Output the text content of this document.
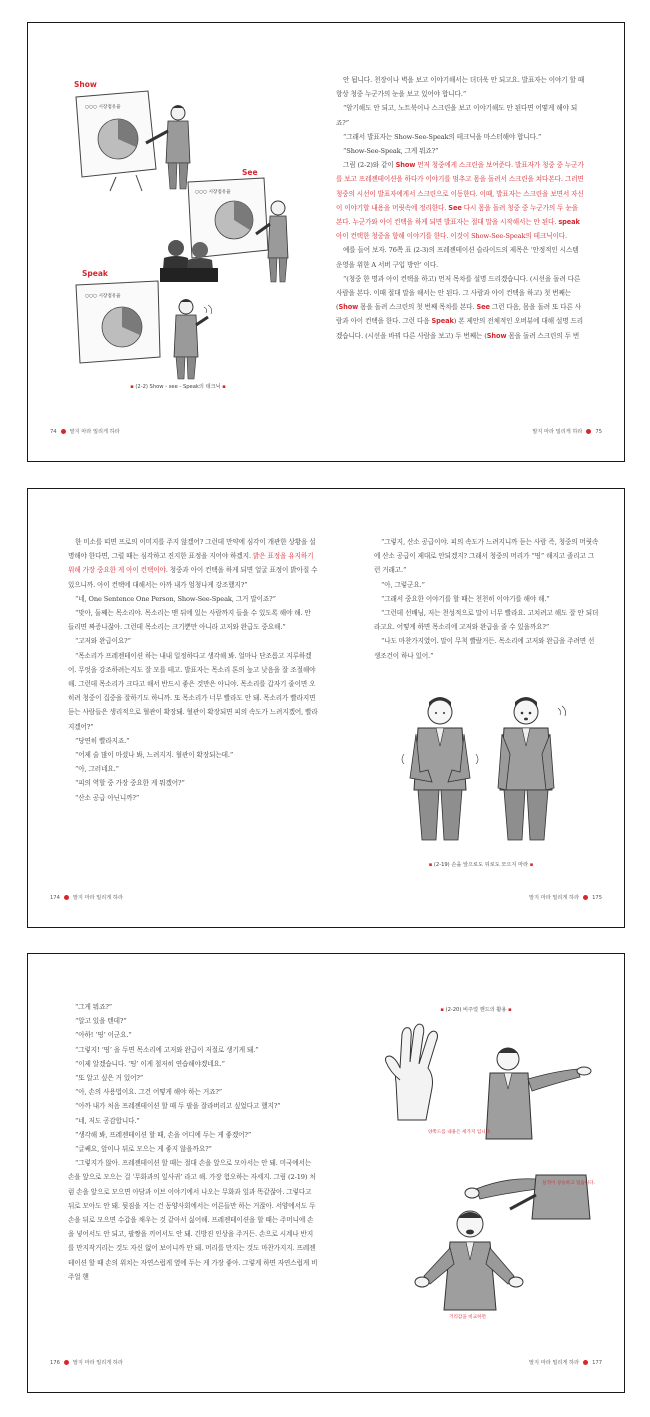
Show
See
Speak
○○○ 시장점유율
○○○ 시장점유율
○○○ 시장점유율
▪ (2-2) Show - see - Speak의 테크닉 ▪
74	말지 마라 밀리게 하라

안 됩니다. 천장이나 벽을 보고 이야기해서는 더더욱 안 되고요. 발표자는 이야기 할 때 항상 청중 누군가의 눈을 보고 있어야 합니다.”

“암기해도 안 되고, 노트북이나 스크린을 보고 이야기해도 안 된다면 어떻게 해야 되죠?”

“그래서 발표자는 Show-See-Speak의 테크닉을 마스터해야 합니다.”

“Show-See-Speak, 그게 뭐죠?”

그림 (2-2)와 같이 Show 먼저 청중에게 스크린을 보여준다. 발표자가 청중 중 누군가를 보고 프레젠테이션을 하다가 이야기를 멈추고 몸을 돌려서 스크린을 쳐다본다. 그러면 청중의 시선이 발표자에게서 스크린으로 이동한다. 이때, 발표자는 스크린을 보면서 자신이 이야기할 내용을 머릿속에 정리한다. See 다시 몸을 돌려 청중 중 누군가의 두 눈을 본다. 누군가와 아이 컨택을 하게 되면 발표자는 절대 말을 시작해서는 안 된다. speak 아이 컨택한 청중을 향해 이야기를 한다. 이것이 Show-See-Speak의 테크닉이다.

예를 들어 보자. 76쪽 표 (2-3)의 프레젠테이션 슬라이드의 제목은 ‘안정적인 시스템 운영을 위한 A 서버 구입 방안’ 이다.

“(청중 한 명과 아이 컨택을 하고) 먼저 목차를 설명 드리겠습니다. (시선을 돌려 다른 사람을 본다. 이때 절대 말을 해서는 안 된다. 그 사람과 아이 컨택을 하고) 첫 번째는 (Show 몸을 돌려 스크린의 첫 번째 목차를 본다. See 그런 다음, 몸을 돌려 또 다른 사람과 아이 컨택을 한다. 그런 다음 Speak) 본 제안의 전체적인 오버뷰에 대해 설명 드리겠습니다. (시선을 바꿔 다른 사람을 보고) 두 번째는 (Show 몸을 돌려 스크린의 두 번

말지 마라 밀리게 하라	75

한 미소를 띠면 프로의 이미지를 주지 않겠어? 그런데 만약에 심각이 개관한 상황을 설명해야 한다면, 그럴 때는 심각하고 진지한 표정을 지어야 하겠지. 밝은 표정을 유지하기 위해 가장 중요한 게 아이 컨택이야. 청중과 아이 컨택을 하게 되면 얼굴 표정이 밝아질 수 있으니까. 아이 컨택에 대해서는 아까 내가 엄청나게 강조했지?”

“네, One Sentence One Person, Show-See-Speak, 그거 말이죠?”

“맞아, 둘째는 목소리야. 목소리는 맨 뒤에 있는 사람까지 들을 수 있도록 해야 해. 안 들리면 짜증나잖아. 그런데 목소리는 크기뿐만 아니라 고저와 완급도 중요해.”

“고저와 완급이요?”

“목소리가 프레젠테이션 하는 내내 일정하다고 생각해 봐. 얼마나 단조롭고 지루하겠어. 무엇을 강조하려는지도 잘 모를 테고. 발표자는 목소리 톤의 높고 낮음을 잘 조절해야 해. 그런데 목소리가 크다고 해서 반드시 좋은 것만은 아니야. 목소리를 갑자기 줄이면 오히려 청중이 집중을 잘하기도 하니까. 또 목소리가 너무 빨라도 안 돼. 목소리가 빨라지면 듣는 사람들은 생리적으로 혈관이 확장돼. 혈관이 확장되면 피의 속도가 느려지겠어, 빨라지겠어?”

“당연히 빨라지죠.”

“어제 술 많이 마셨나 봐, 느려지지. 혈관이 확장되는데.”

“아, 그러네요.”

“피의 역할 중 가장 중요한 게 뭐겠어?”

“산소 공급 아닌니까?”

174	말지 마라 밀리게 하라

“그렇지, 산소 공급이야. 피의 속도가 느려지니까 듣는 사람 즉, 청중의 머릿속에 산소 공급이 제대로 안되겠지? 그래서 청중의 머리가 “띵” 해지고 졸리고 그런 거래고.”

“아, 그렇군요.”

“그래서 중요한 이야기를 할 때는 천천히 이야기를 해야 해.”

“그런데 선배님, 저는 천성적으로 말이 너무 빨라요. 고치려고 해도 잘 안 되더라고요. 어떻게 하면 목소리에 고저와 완급을 줄 수 있을까요?”

“나도 마찬가지였어. 말이 무척 빨랐거든. 목소리에 고저와 완급을 주려면 선생조건이 하나 있어.”

▪ (2-19) 손을 앞으로도 뒤로도 모으지 마라 ▪
말지 마라 밀리게 하라	175

“그게 뭐죠?”

“알고 있을 텐데?”

“아하! ‘띵’ 이군요.”

“그렇지! ‘띵’ 을 두면 목소리에 고저와 완급이 저절로 생기게 돼.”

“이제 알겠습니다. ‘띵’ 이게 철저히 연습해야겠네요.”

“또 알고 싶은 거 있어?”

“아, 손의 사용법이요. 그건 어떻게 해야 하는 거죠?”

“아까 내가 처음 프레젠테이션 할 때 두 팔을 잘라버리고 싶었다고 했지?”

“네, 저도 공감합니다.”

“생각해 봐, 프레젠테이션 할 때, 손을 어디에 두는 게 좋겠어?”

“글쎄요, 앞이나 뒤로 모으는 게 좋지 않을까요?”

“그렇지가 않아. 프레젠테이션 할 때는 절대 손을 앞으로 모아서는 안 돼. 미국에서는 손을 앞으로 모으는 걸 ‘무화과의 잎사귀’ 라고 해. 가장 험오하는 자세지. 그림 (2-19) 처럼 손을 앞으로 모으면 아담과 이브 이야기에서 나오는 무화과 잎과 똑같잖아. 그렇다고 뒤로 모아도 안 돼. 뒷짐을 지는 건 동양사회에서는 어른들만 하는 거잖아. 서양에서도 두 손을 뒤로 모으면 수갑을 채우는 것 같아서 싫어해. 프레젠테이션을 할 때는 주머니에 손을 넣어서도 안 되고, 팔짱을 끼어서도 안 돼. 긴방진 인상을 주거든. 손으로 시계나 반지를 만지작거리는 것도 자신 없어 보이니까 안 돼. 머리를 만지는 것도 마찬가지지. 프레젠테이션 할 때 손의 위치는 자연스럽게 옆에 두는 게 가장 좋아. 그렇게 하면 자연스럽게 비주얼 핸

176	말지 마라 밀리게 하라
▪ (2-20) 비주얼 핸드의 활용 ▪
양쪽드를 내용은 세가지 입니다.
실적이 상승하고 있습니다.
거리감을 비교하면
말지 마라 밀리게 하라	177
